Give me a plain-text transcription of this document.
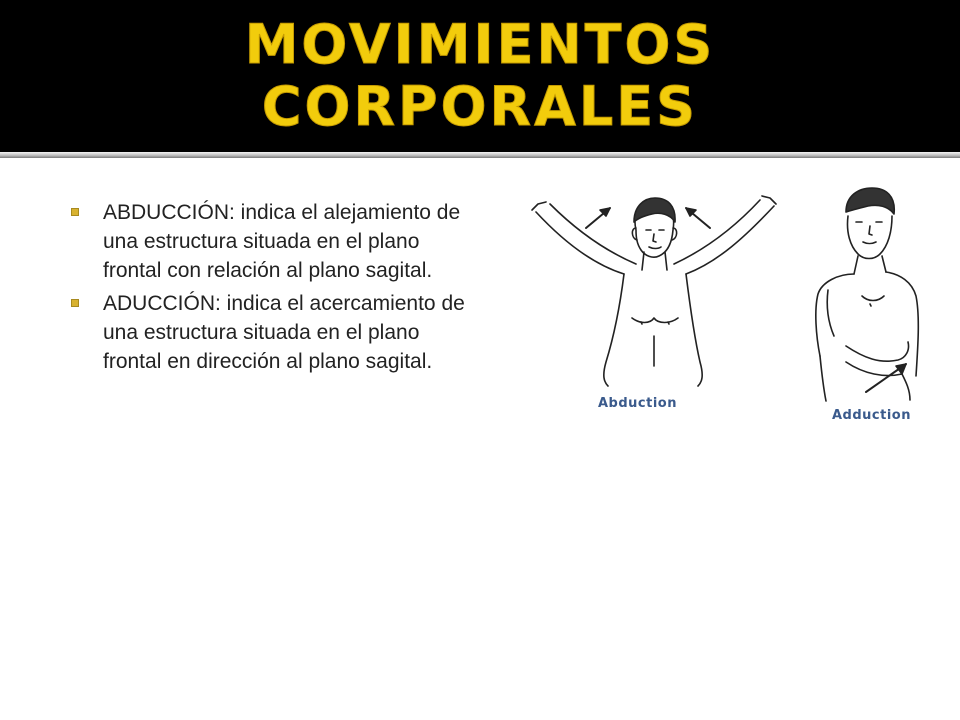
MOVIMIENTOS
CORPORALES
ABDUCCIÓN: indica el alejamiento de una estructura situada en el plano frontal con relación al plano sagital.
ADUCCIÓN: indica el acercamiento de una estructura situada en el plano frontal en dirección al plano sagital.
Abduction
Adduction
